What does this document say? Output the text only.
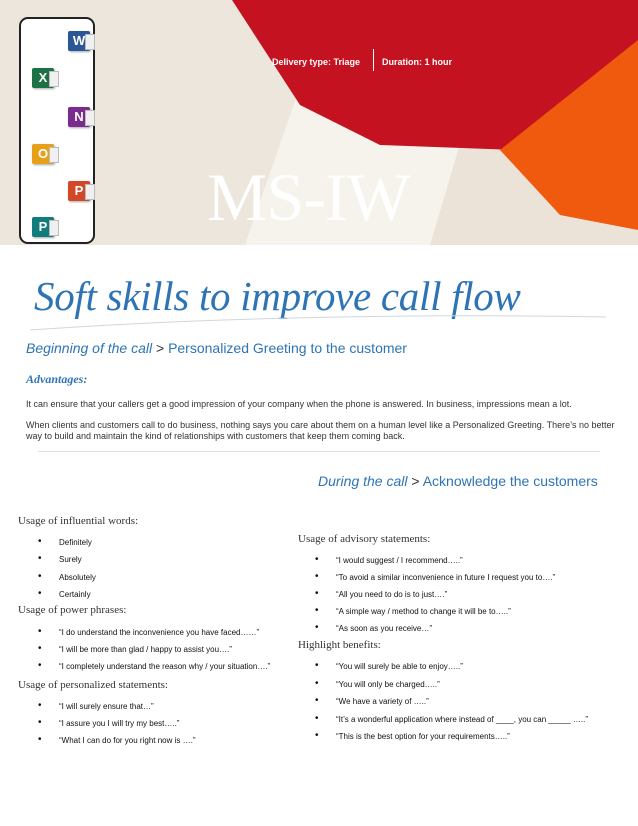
Delivery type: Triage Duration: 1 hour
MS-IW
W
X
N
O
P
P
Soft skills to improve call flow
Beginning of the call > Personalized Greeting to the customer
Advantages:
It can ensure that your callers get a good impression of your company when the phone is answered. In business, impressions mean a lot.
When clients and customers call to do business, nothing says you care about them on a human level like a Personalized Greeting. There’s no better way to build and maintain the kind of relationships with customers that keep them coming back.
During the call > Acknowledge the customers
Usage of influential words:
• Definitely
• Surely
• Absolutely
• Certainly
Usage of power phrases:
• “I do understand the inconvenience you have faced……”
• “I will be more than glad / happy to assist you….”
• “I completely understand the reason why / your situation….”
Usage of personalized statements:
• “I will surely ensure that…”
• “I assure you I will try my best…..”
• “What I can do for you right now is ….”
Usage of advisory statements:
• “I would suggest / I recommend…..”
• “To avoid a similar inconvenience in future I request you to….”
• “All you need to do is to just….”
• “A simple way / method to change it will be to…..”
• “As soon as you receive…”
Highlight benefits:
• “You will surely be able to enjoy…..”
• “You will only be charged…..”
• “We have a variety of …..”
• “It’s a wonderful application where instead of ____, you can _____ …..”
• “This is the best option for your requirements…..”
